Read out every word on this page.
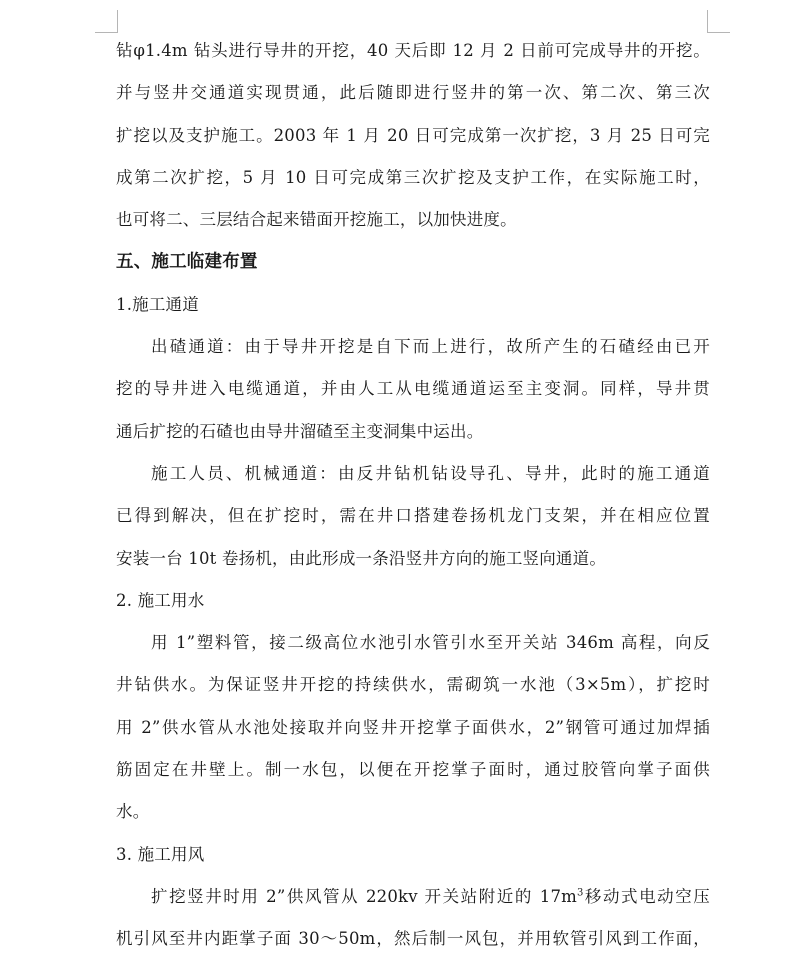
钻φ1.4m 钻头进行导井的开挖，40 天后即 12 月 2 日前可完成导井的开挖。
并与竖井交通道实现贯通，此后随即进行竖井的第一次、第二次、第三次
扩挖以及支护施工。2003 年 1 月 20 日可完成第一次扩挖，3 月 25 日可完
成第二次扩挖，5 月 10 日可完成第三次扩挖及支护工作，在实际施工时，
也可将二、三层结合起来错面开挖施工，以加快进度。
五、施工临建布置
1.施工通道
出碴通道：由于导井开挖是自下而上进行，故所产生的石碴经由已开
挖的导井进入电缆通道，并由人工从电缆通道运至主变洞。同样，导井贯
通后扩挖的石碴也由导井溜碴至主变洞集中运出。
施工人员、机械通道：由反井钻机钻设导孔、导井，此时的施工通道
已得到解决，但在扩挖时，需在井口搭建卷扬机龙门支架，并在相应位置
安装一台 10t 卷扬机，由此形成一条沿竖井方向的施工竖向通道。
2. 施工用水
用 1”塑料管，接二级高位水池引水管引水至开关站 346m 高程，向反
井钻供水。为保证竖井开挖的持续供水，需砌筑一水池（3×5m），扩挖时
用 2”供水管从水池处接取并向竖井开挖掌子面供水，2”钢管可通过加焊插
筋固定在井壁上。制一水包，以便在开挖掌子面时，通过胶管向掌子面供
水。
3. 施工用风
扩挖竖井时用 2”供风管从 220kv 开关站附近的 $17m^3$移动式电动空压
机引风至井内距掌子面 30～50m，然后制一风包，并用软管引风到工作面，
